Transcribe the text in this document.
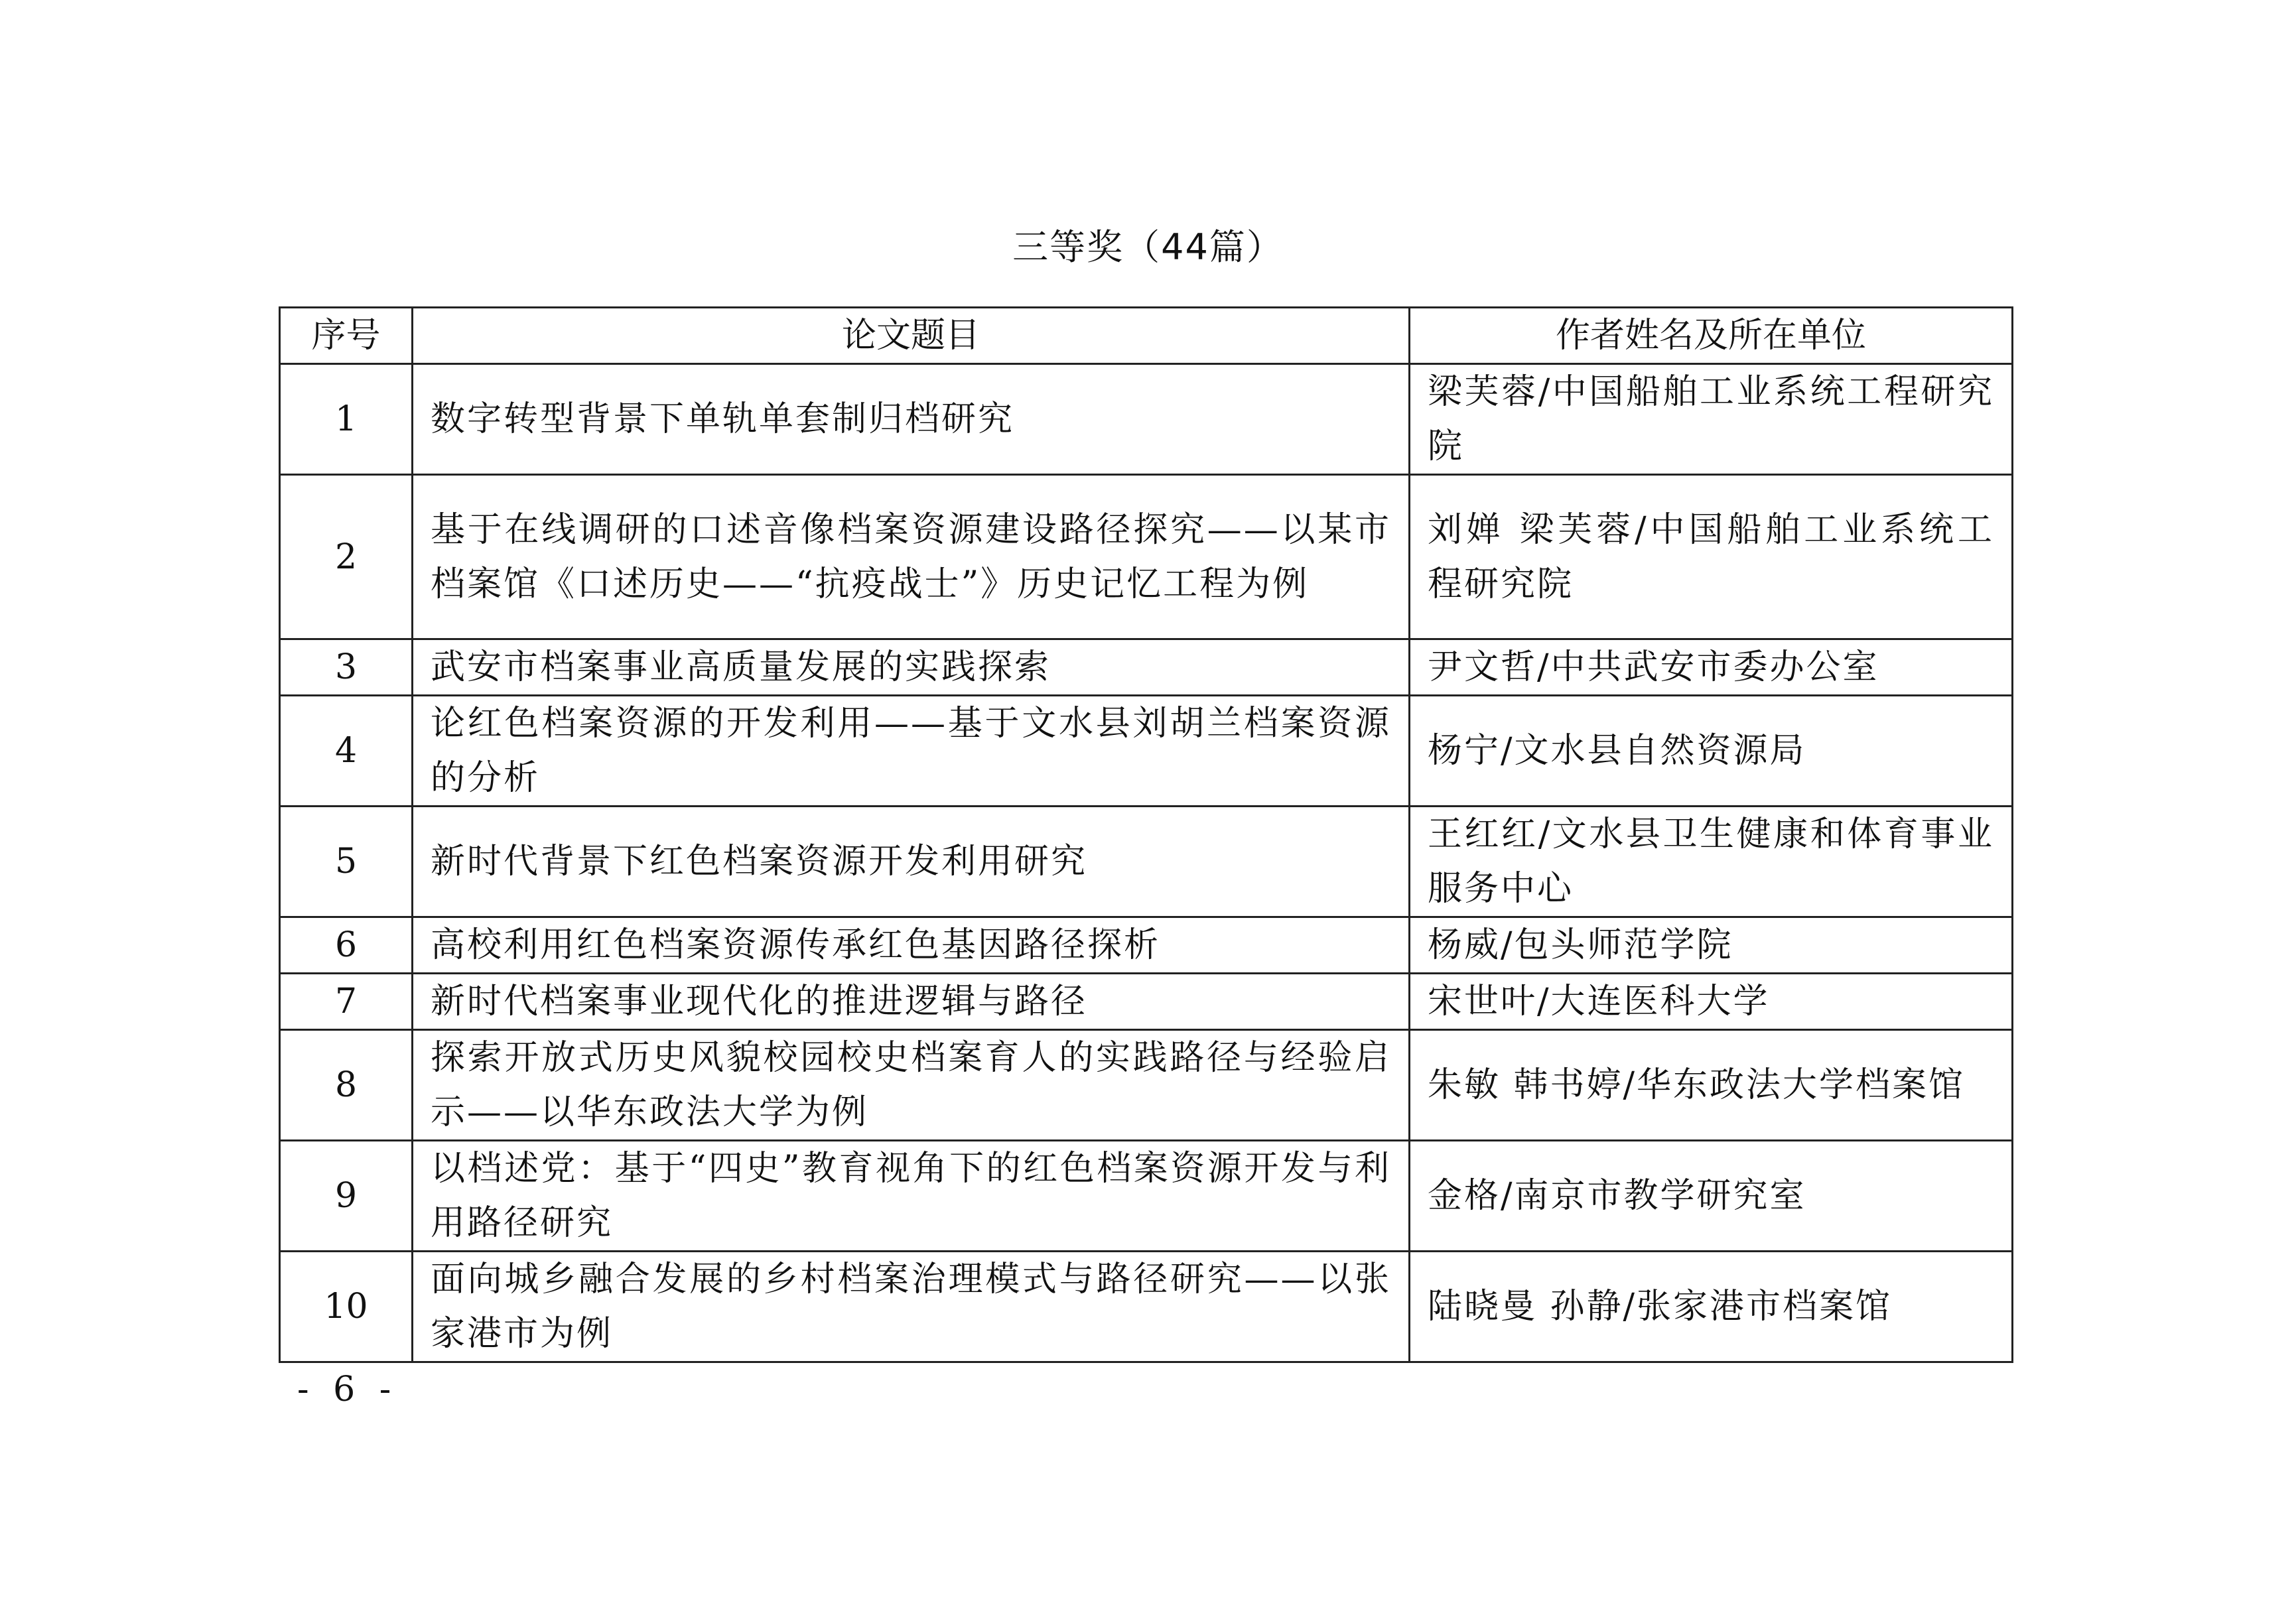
三等奖（44篇）
序号	论文题目	作者姓名及所在单位
1	数字转型背景下单轨单套制归档研究	梁芙蓉/中国船舶工业系统工程研究院
2	基于在线调研的口述音像档案资源建设路径探究——以某市档案馆《口述历史——“抗疫战士”》历史记忆工程为例	刘婵 梁芙蓉/中国船舶工业系统工程研究院
3	武安市档案事业高质量发展的实践探索	尹文哲/中共武安市委办公室
4	论红色档案资源的开发利用——基于文水县刘胡兰档案资源的分析	杨宁/文水县自然资源局
5	新时代背景下红色档案资源开发利用研究	王红红/文水县卫生健康和体育事业服务中心
6	高校利用红色档案资源传承红色基因路径探析	杨威/包头师范学院
7	新时代档案事业现代化的推进逻辑与路径	宋世叶/大连医科大学
8	探索开放式历史风貌校园校史档案育人的实践路径与经验启示——以华东政法大学为例	朱敏 韩书婷/华东政法大学档案馆
9	以档述党：基于“四史”教育视角下的红色档案资源开发与利用路径研究	金格/南京市教学研究室
10	面向城乡融合发展的乡村档案治理模式与路径研究——以张家港市为例	陆晓曼 孙静/张家港市档案馆
- 6 -
